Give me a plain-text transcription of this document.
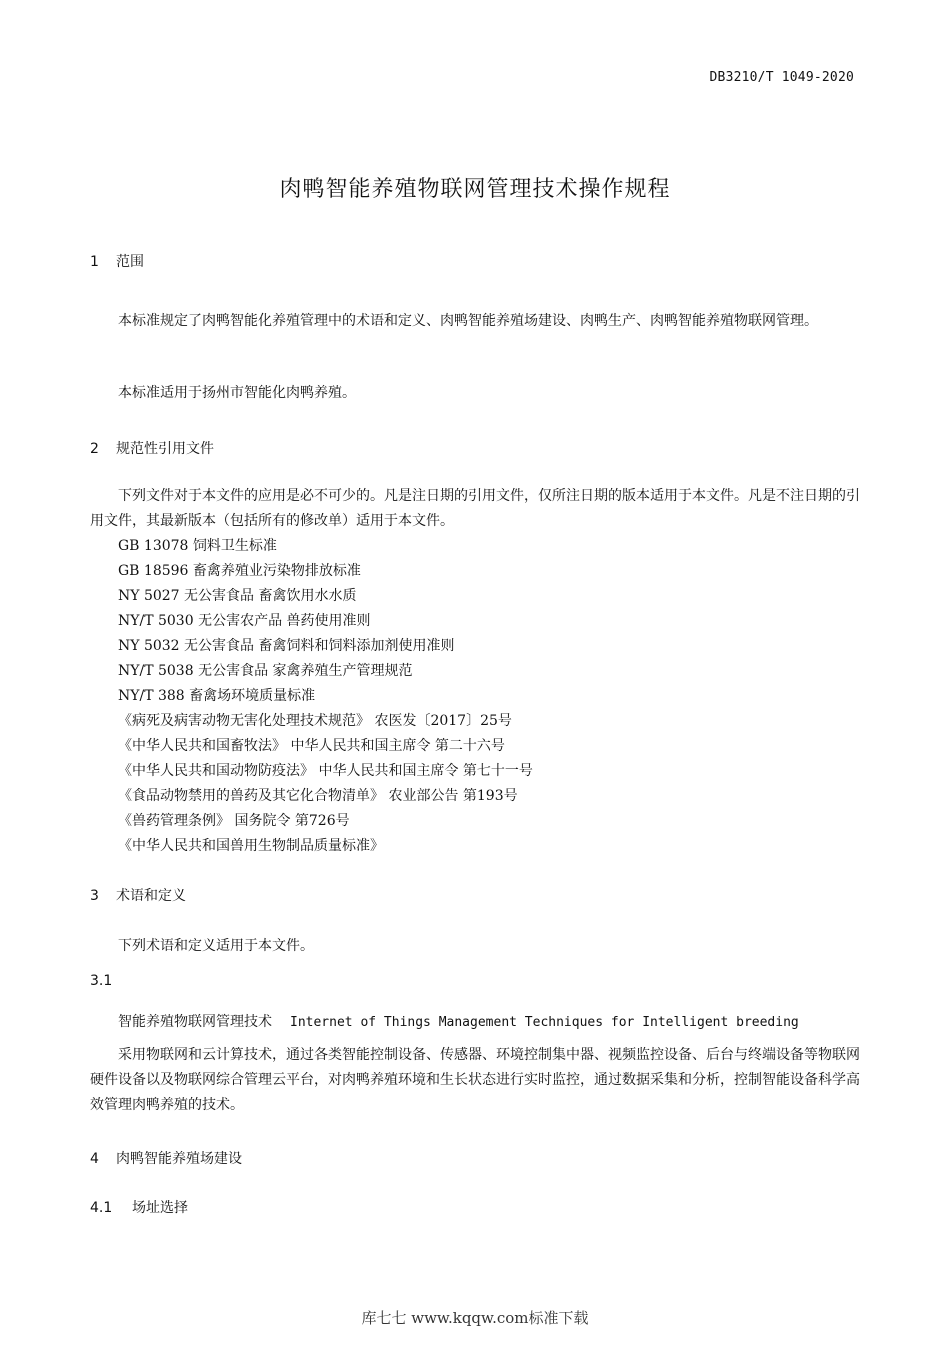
DB3210/T 1049-2020
肉鸭智能养殖物联网管理技术操作规程
1 范围
本标准规定了肉鸭智能化养殖管理中的术语和定义、肉鸭智能养殖场建设、肉鸭生产、肉鸭智能养殖物联网管理。
本标准适用于扬州市智能化肉鸭养殖。
2 规范性引用文件
下列文件对于本文件的应用是必不可少的。凡是注日期的引用文件，仅所注日期的版本适用于本文件。凡是不注日期的引用文件，其最新版本（包括所有的修改单）适用于本文件。
GB 13078 饲料卫生标准
GB 18596 畜禽养殖业污染物排放标准
NY 5027 无公害食品 畜禽饮用水水质
NY/T 5030 无公害农产品 兽药使用准则
NY 5032 无公害食品 畜禽饲料和饲料添加剂使用准则
NY/T 5038 无公害食品 家禽养殖生产管理规范
NY/T 388 畜禽场环境质量标准
《病死及病害动物无害化处理技术规范》 农医发〔2017〕25号
《中华人民共和国畜牧法》 中华人民共和国主席令 第二十六号
《中华人民共和国动物防疫法》 中华人民共和国主席令 第七十一号
《食品动物禁用的兽药及其它化合物清单》 农业部公告 第193号
《兽药管理条例》 国务院令 第726号
《中华人民共和国兽用生物制品质量标准》
3 术语和定义
下列术语和定义适用于本文件。
3.1
智能养殖物联网管理技术 Internet of Things Management Techniques for Intelligent breeding
采用物联网和云计算技术，通过各类智能控制设备、传感器、环境控制集中器、视频监控设备、后台与终端设备等物联网硬件设备以及物联网综合管理云平台，对肉鸭养殖环境和生长状态进行实时监控，通过数据采集和分析，控制智能设备科学高效管理肉鸭养殖的技术。
4 肉鸭智能养殖场建设
4.1 场址选择
库七七 www.kqqw.com标准下载
